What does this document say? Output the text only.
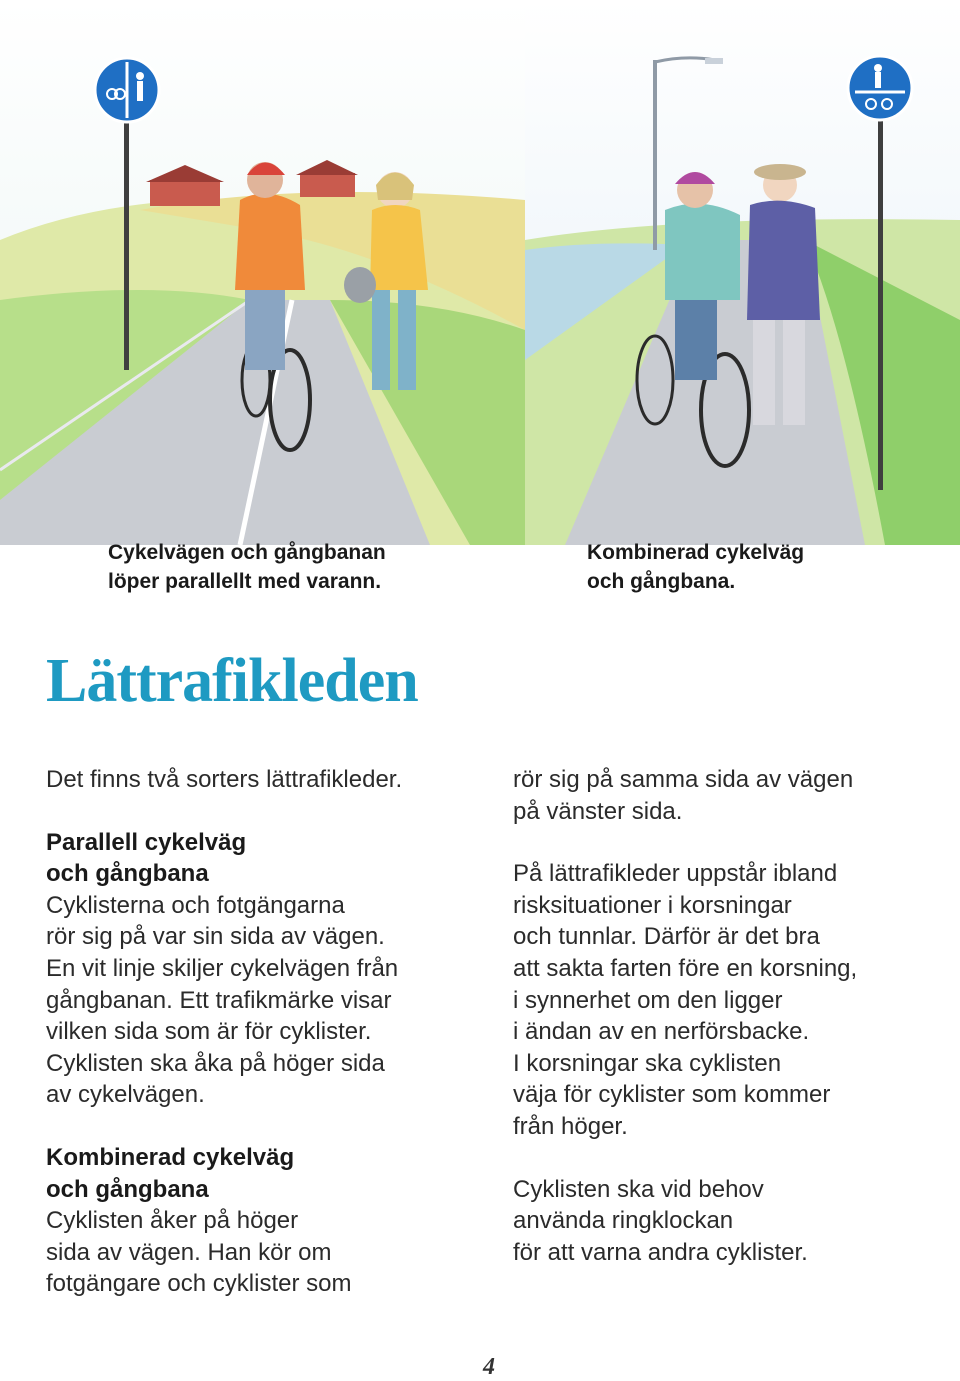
Cykelvägen och gångbanan
löper parallellt med varann.

Kombinerad cykelväg
och gångbana.

Lättrafikleden

Det finns två sorters lättrafikleder.

Parallell cykelväg
och gångbana

Cyklisterna och fotgängarna
rör sig på var sin sida av vägen.
En vit linje skiljer cykelvägen från
gångbanan. Ett trafikmärke visar
vilken sida som är för cyklister.
Cyklisten ska åka på höger sida
av cykelvägen.

Kombinerad cykelväg
och gångbana

Cyklisten åker på höger
sida av vägen. Han kör om
fotgängare och cyklister som

rör sig på samma sida av vägen
på vänster sida.

På lättrafikleder uppstår ibland
risksituationer i korsningar
och tunnlar. Därför är det bra
att sakta farten före en korsning,
i synnerhet om den ligger
i ändan av en nerförsbacke.
I korsningar ska cyklisten
väja för cyklister som kommer
från höger.

Cyklisten ska vid behov
använda ringklockan
för att varna andra cyklister.

4
